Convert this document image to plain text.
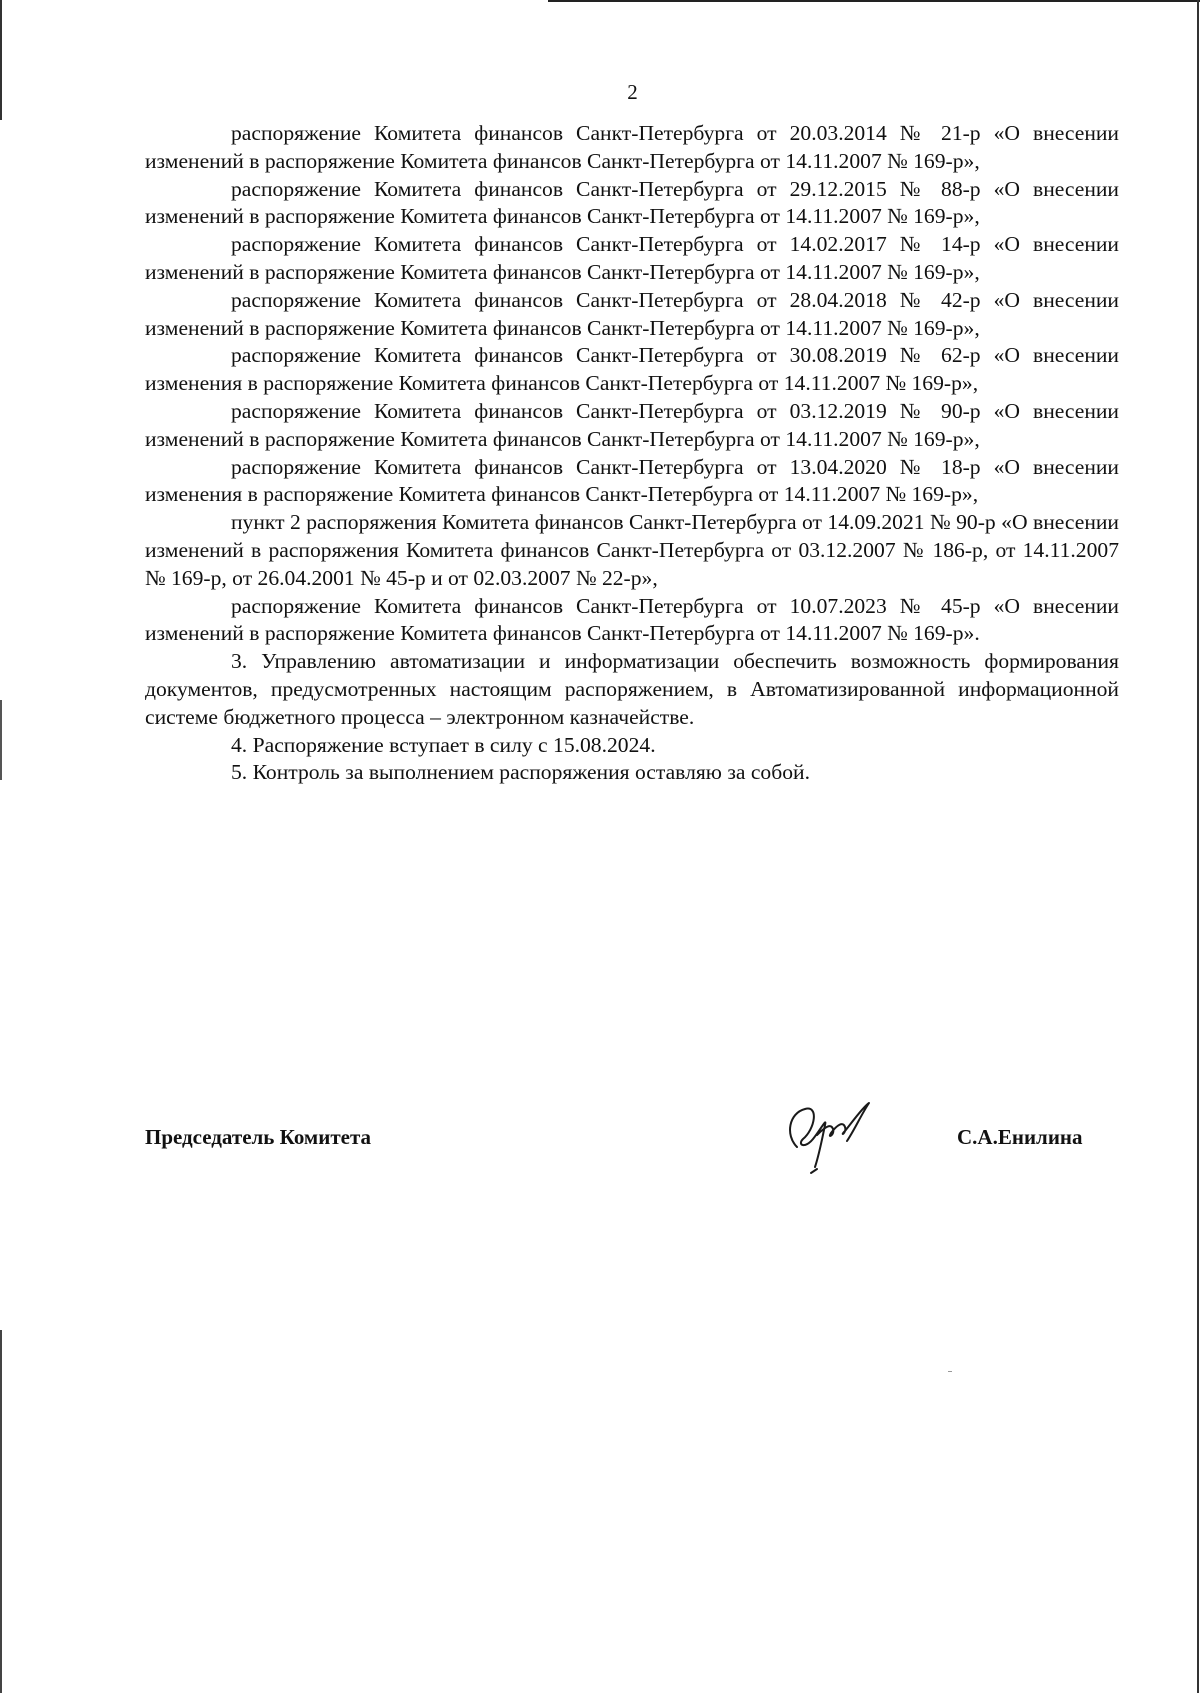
2

распоряжение Комитета финансов Санкт-Петербурга от 20.03.2014 № 21-р «О внесении изменений в распоряжение Комитета финансов Санкт-Петербурга от 14.11.2007 № 169-р»,

распоряжение Комитета финансов Санкт-Петербурга от 29.12.2015 № 88-р «О внесении изменений в распоряжение Комитета финансов Санкт-Петербурга от 14.11.2007 № 169-р»,

распоряжение Комитета финансов Санкт-Петербурга от 14.02.2017 № 14-р «О внесении изменений в распоряжение Комитета финансов Санкт-Петербурга от 14.11.2007 № 169-р»,

распоряжение Комитета финансов Санкт-Петербурга от 28.04.2018 № 42-р «О внесении изменений в распоряжение Комитета финансов Санкт-Петербурга от 14.11.2007 № 169-р»,

распоряжение Комитета финансов Санкт-Петербурга от 30.08.2019 № 62-р «О внесении изменения в распоряжение Комитета финансов Санкт-Петербурга от 14.11.2007 № 169-р»,

распоряжение Комитета финансов Санкт-Петербурга от 03.12.2019 № 90-р «О внесении изменений в распоряжение Комитета финансов Санкт-Петербурга от 14.11.2007 № 169-р»,

распоряжение Комитета финансов Санкт-Петербурга от 13.04.2020 № 18-р «О внесении изменения в распоряжение Комитета финансов Санкт-Петербурга от 14.11.2007 № 169-р»,

пункт 2 распоряжения Комитета финансов Санкт-Петербурга от 14.09.2021 № 90-р «О внесении изменений в распоряжения Комитета финансов Санкт-Петербурга от 03.12.2007 № 186-р, от 14.11.2007 № 169-р, от 26.04.2001 № 45-р и от 02.03.2007 № 22-р»,

распоряжение Комитета финансов Санкт-Петербурга от 10.07.2023 № 45-р «О внесении изменений в распоряжение Комитета финансов Санкт-Петербурга от 14.11.2007 № 169-р».

3. Управлению автоматизации и информатизации обеспечить возможность формирования документов, предусмотренных настоящим распоряжением, в Автоматизированной информационной системе бюджетного процесса – электронном казначействе.

4. Распоряжение вступает в силу с 15.08.2024.

5. Контроль за выполнением распоряжения оставляю за собой.

Председатель Комитета	С.А.Енилина
